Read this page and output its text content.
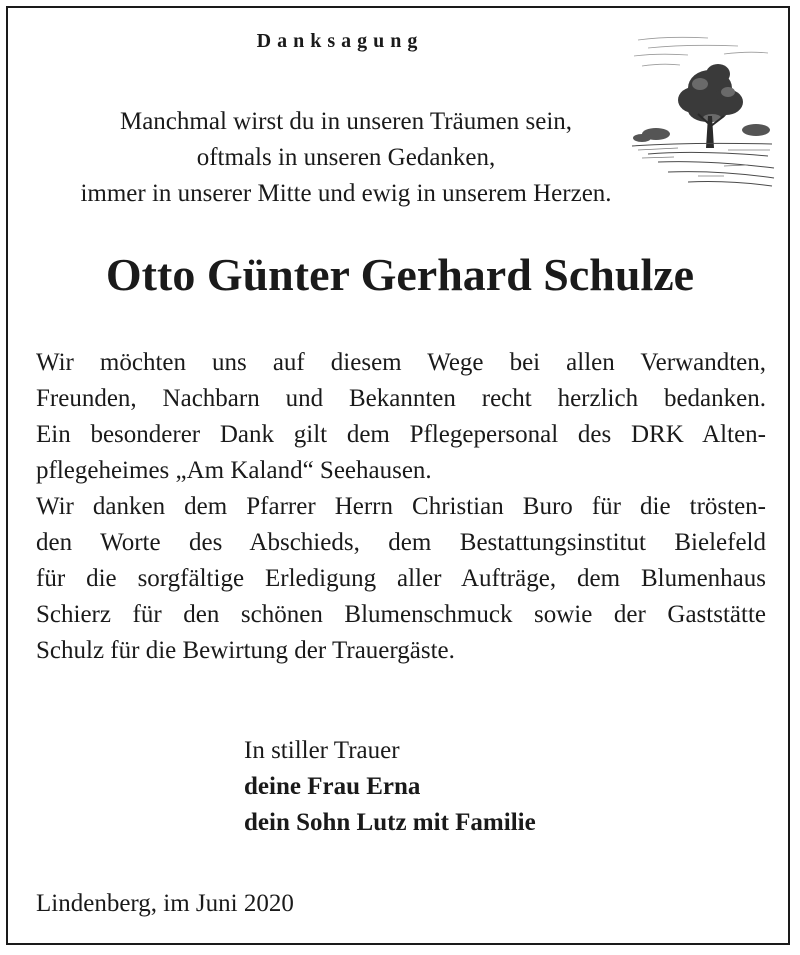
Danksagung
Manchmal wirst du in unseren Träumen sein,
oftmals in unseren Gedanken,
immer in unserer Mitte und ewig in unserem Herzen.
Otto Günter Gerhard Schulze
Wir möchten uns auf diesem Wege bei allen Verwandten,
Freunden, Nachbarn und Bekannten recht herzlich bedanken.
Ein besonderer Dank gilt dem Pflegepersonal des DRK Alten-
pflegeheimes „Am Kaland“ Seehausen.
Wir danken dem Pfarrer Herrn Christian Buro für die trösten-
den Worte des Abschieds, dem Bestattungsinstitut Bielefeld
für die sorgfältige Erledigung aller Aufträge, dem Blumenhaus
Schierz für den schönen Blumenschmuck sowie der Gaststätte
Schulz für die Bewirtung der Trauergäste.
In stiller Trauer
deine Frau Erna
dein Sohn Lutz mit Familie
Lindenberg, im Juni 2020
